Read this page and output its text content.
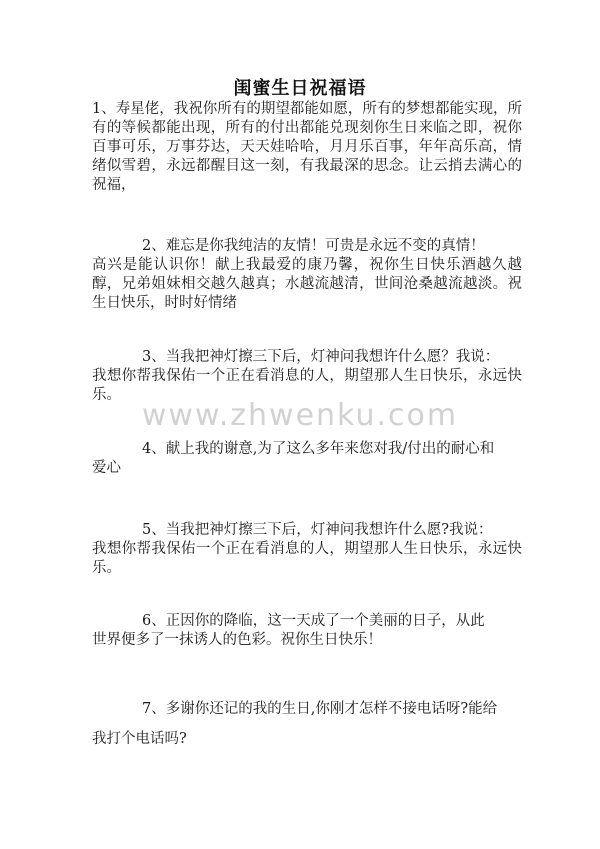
闺蜜生日祝福语
1、寿星佬，我祝你所有的期望都能如愿，所有的梦想都能实现，所有的等候都能出现，所有的付出都能兑现刻你生日来临之即，祝你百事可乐，万事芬达，天天娃哈哈，月月乐百事，年年高乐高，情绪似雪碧，永远都醒目这一刻，有我最深的思念。让云捎去满心的祝福，
2、难忘是你我纯洁的友情！可贵是永远不变的真情！
高兴是能认识你！献上我最爱的康乃馨，祝你生日快乐酒越久越醇，兄弟姐妹相交越久越真；水越流越清，世间沧桑越流越淡。祝生日快乐，时时好情绪
3、当我把神灯擦三下后，灯神问我想许什么愿？我说：
我想你帮我保佑一个正在看消息的人，期望那人生日快乐，永远快乐。
www.zhwenku.com
4、献上我的谢意,为了这么多年来您对我/付出的耐心和
爱心
5、当我把神灯擦三下后，灯神问我想许什么愿?我说：
我想你帮我保佑一个正在看消息的人，期望那人生日快乐，永远快乐。
6、正因你的降临，这一天成了一个美丽的日子，从此
世界便多了一抹诱人的色彩。祝你生日快乐！
7、多谢你还记的我的生日,你刚才怎样不接电话呀?能给
我打个电话吗?
